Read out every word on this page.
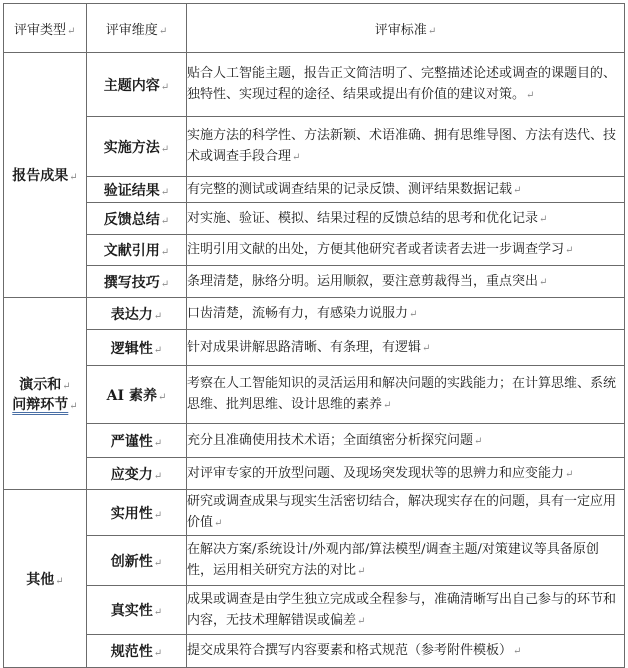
评审类型↵	评审维度↵	评审标准↵
报告成果↵	主题内容↵	贴合人工智能主题，报告正文简洁明了、完整描述论述或调查的课题目的、独特性、实现过程的途径、结果或提出有价值的建议对策。↵
	实施方法↵	实施方法的科学性、方法新颖、术语准确、拥有思维导图、方法有迭代、技术或调查手段合理↵
	验证结果↵	有完整的测试或调查结果的记录反馈、测评结果数据记载↵
	反馈总结↵	对实施、验证、模拟、结果过程的反馈总结的思考和优化记录↵
	文献引用↵	注明引用文献的出处，方便其他研究者或者读者去进一步调查学习↵
	撰写技巧↵	条理清楚，脉络分明。运用顺叙，要注意剪裁得当，重点突出↵
演示和↵
问辩环节↵	表达力↵	口齿清楚，流畅有力，有感染力说服力↵
	逻辑性↵	针对成果讲解思路清晰、有条理，有逻辑↵
	AI 素养↵	考察在人工智能知识的灵活运用和解决问题的实践能力；在计算思维、系统思维、批判思维、设计思维的素养↵
	严谨性↵	充分且准确使用技术术语；全面缜密分析探究问题↵
	应变力↵	对评审专家的开放型问题、及现场突发现状等的思辨力和应变能力↵
其他↵	实用性↵	研究或调查成果与现实生活密切结合，解决现实存在的问题，具有一定应用价值↵
	创新性↵	在解决方案/系统设计/外观内部/算法模型/调查主题/对策建议等具备原创性，运用相关研究方法的对比↵
	真实性↵	成果或调查是由学生独立完成或全程参与，准确清晰写出自己参与的环节和内容，无技术理解错误或偏差↵
	规范性↵	提交成果符合撰写内容要素和格式规范（参考附件模板）↵
